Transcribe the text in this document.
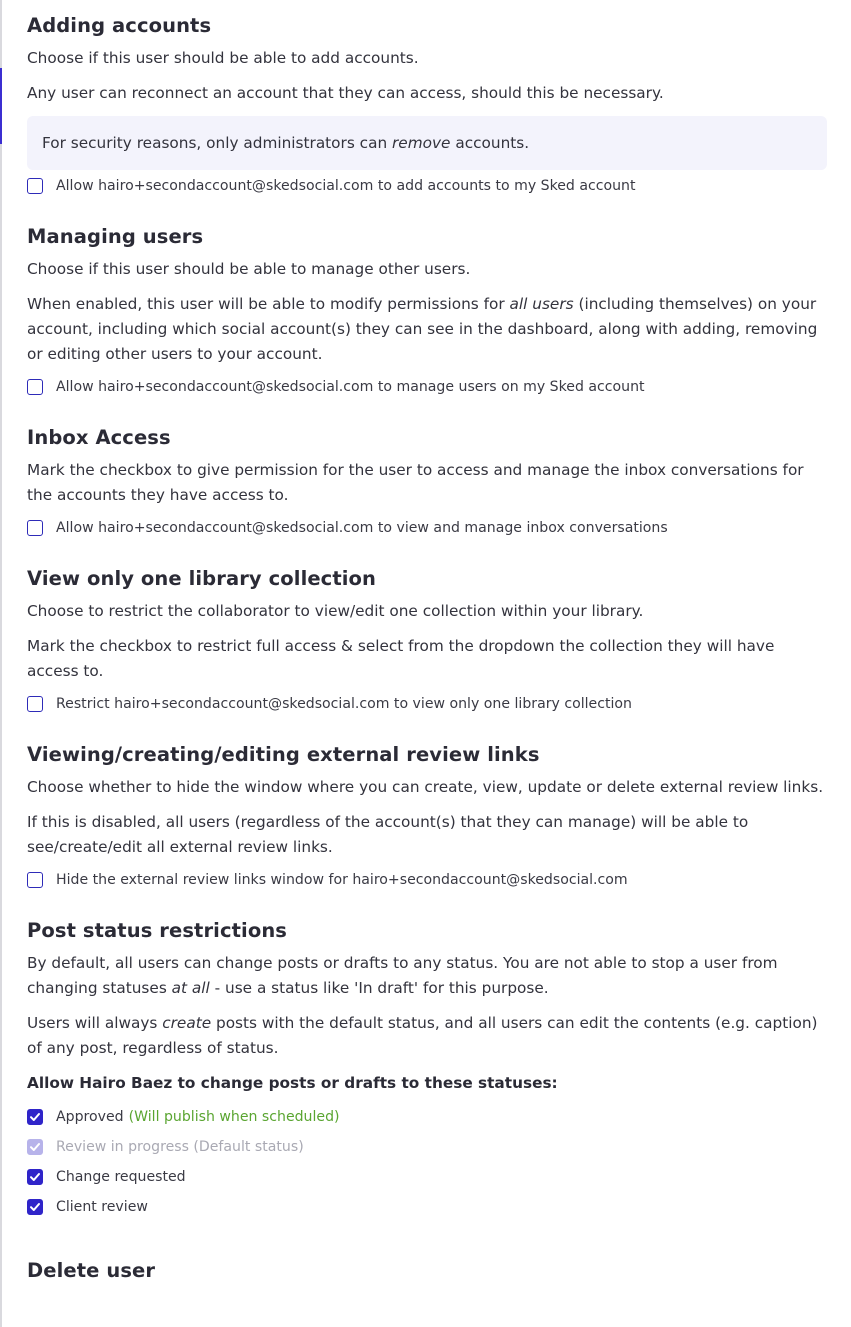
Adding accounts

Choose if this user should be able to add accounts.

Any user can reconnect an account that they can access, should this be necessary.

For security reasons, only administrators can remove accounts.
Allow hairo+secondaccount@skedsocial.com to add accounts to my Sked account
Managing users

Choose if this user should be able to manage other users.

When enabled, this user will be able to modify permissions for all users (including themselves) on your account, including which social account(s) they can see in the dashboard, along with adding, removing or editing other users to your account.

Allow hairo+secondaccount@skedsocial.com to manage users on my Sked account
Inbox Access

Mark the checkbox to give permission for the user to access and manage the inbox conversations for the accounts they have access to.

Allow hairo+secondaccount@skedsocial.com to view and manage inbox conversations
View only one library collection

Choose to restrict the collaborator to view/edit one collection within your library.

Mark the checkbox to restrict full access & select from the dropdown the collection they will have access to.

Restrict hairo+secondaccount@skedsocial.com to view only one library collection
Viewing/creating/editing external review links

Choose whether to hide the window where you can create, view, update or delete external review links.

If this is disabled, all users (regardless of the account(s) that they can manage) will be able to see/create/edit all external review links.

Hide the external review links window for hairo+secondaccount@skedsocial.com
Post status restrictions

By default, all users can change posts or drafts to any status. You are not able to stop a user from changing statuses at all - use a status like 'In draft' for this purpose.

Users will always create posts with the default status, and all users can edit the contents (e.g. caption) of any post, regardless of status.

Allow Hairo Baez to change posts or drafts to these statuses:
Approved (Will publish when scheduled)
Review in progress (Default status)
Change requested
Client review
Delete user
